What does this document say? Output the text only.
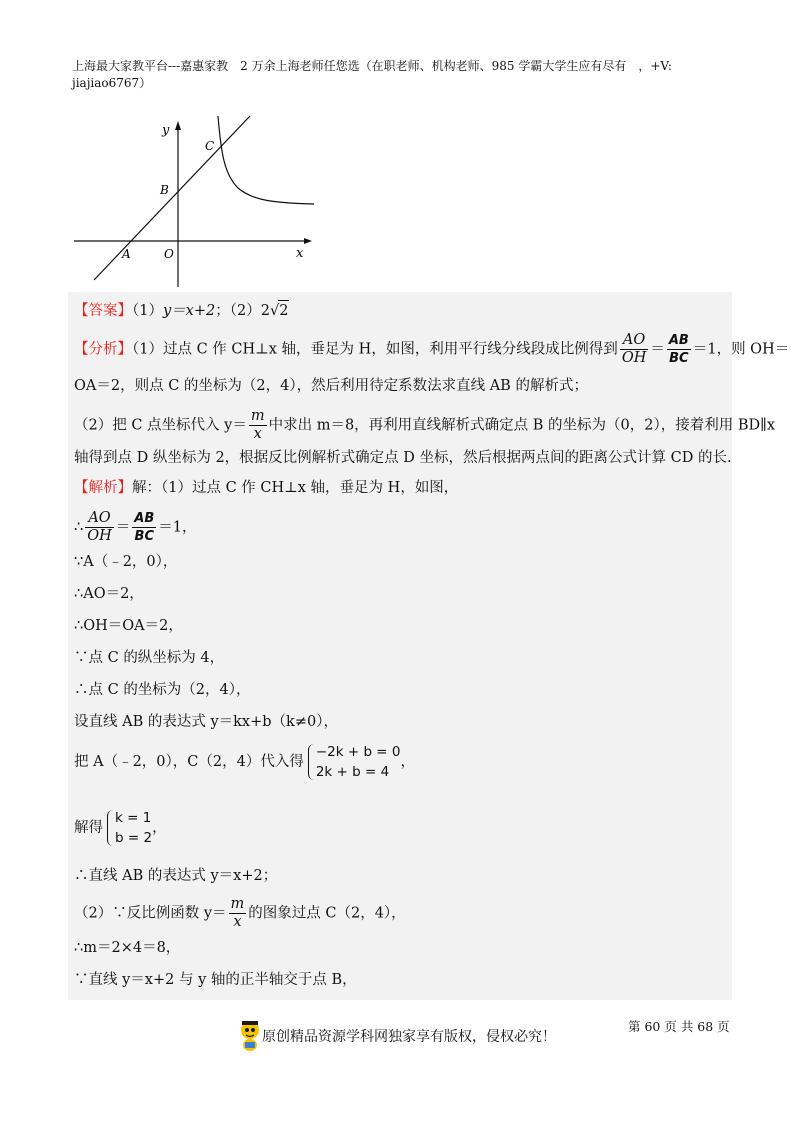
上海最大家教平台---嘉惠家教　2 万余上海老师任您选（在职老师、机构老师、985 学霸大学生应有尽有　，+V: jiajiao6767）
y
x
C
B
A	O
【答案】（1）y＝x+2；（2）2√2
【分析】（1）过点 C 作 CH⊥x 轴，垂足为 H，如图，利用平行线分线段成比例得到 $\frac{AO}{OH} = \frac{AB}{BC} =1$，则 OH＝
OA＝2，则点 C 的坐标为（2，4），然后利用待定系数法求直线 AB 的解析式；
（2）把 C 点坐标代入 $y= \frac{m}{x}$ 中求出 m＝8，再利用直线解析式确定点 B 的坐标为（0，2），接着利用 BD∥x
轴得到点 D 纵坐标为 2，根据反比例解析式确定点 D 坐标，然后根据两点间的距离公式计算 CD 的长.
【解析】解：（1）过点 C 作 CH⊥x 轴，垂足为 H，如图，
∴ $\frac{AO}{OH} = \frac{AB}{BC} =1$，
∵A（﹣2，0），
∴AO＝2，
∴OH＝OA＝2，
∵点 C 的纵坐标为 4，
∴点 C 的坐标为（2，4），
设直线 AB 的表达式 y＝kx+b（k≠0），
把 A（﹣2，0），C（2，4）代入得
−2k + b = 0
2k + b = 4
，
解得
k = 1
b = 2
，
∴直线 AB 的表达式 y＝x+2；
（2）∵反比例函数 $y= \frac{m}{x}$ 的图象过点 C（2，4），
∴m＝2×4＝8，
∵直线 y＝x+2 与 y 轴的正半轴交于点 B，
原创精品资源学科网独家享有版权，侵权必究！
第 60 页 共 68 页
